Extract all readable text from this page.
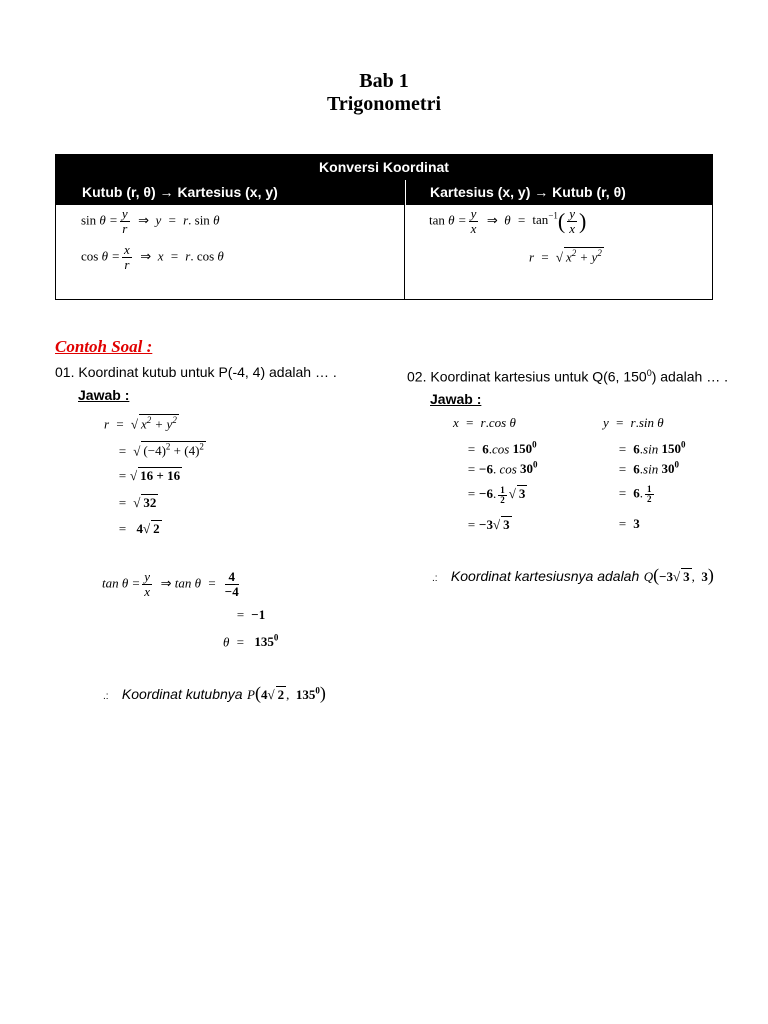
Bab 1
Trigonometri
Konversi Koordinat
Kutub (r, θ) → Kartesius (x, y)	Kartesius (x, y) → Kutub (r, θ)
$\sin \theta = \frac{y}{r}$ ⇒  y  =  r. sin θ
$\cos \theta = \frac{x}{r}$ ⇒  x  =  r. cos θ
$\tan \theta = \frac{y}{x}$ ⇒  $\theta = \tan^{-1}( \frac{y}{x}$ )
r  =  √ $x^2 + y^2$
Contoh Soal :
01. Koordinat kutub untuk P(-4, 4) adalah … .
Jawab :
r  =  √ $x^2 + y^2$
=  √ $(-4)^2 + (4)^2$
= √ 16 + 16
=  √ 32
=   4√ 2
$\tan \theta = \frac{y}{x}$ ⇒ $\tan \theta = \frac{4}{-4}$
=  −1
$\theta = 135^0$
.: Koordinat kutubnya P(4√ 2 , $135^0$)
02. Koordinat kartesius untuk Q(6, $150^0$) adalah … .
Jawab :
x  =  r.cos θ	y  =  r.sin θ
=  6.cos $150^0$	=  6.sin $150^0$
= −6. $\cos 30^0$	=  6.sin $30^0$
= −6. $\frac{1}{2}$ √ 3	=  6. $\frac{1}{2}$
= −3√ 3	=  3
.: Koordinat kartesiusnya adalah Q(−3√ 3 , 3)
